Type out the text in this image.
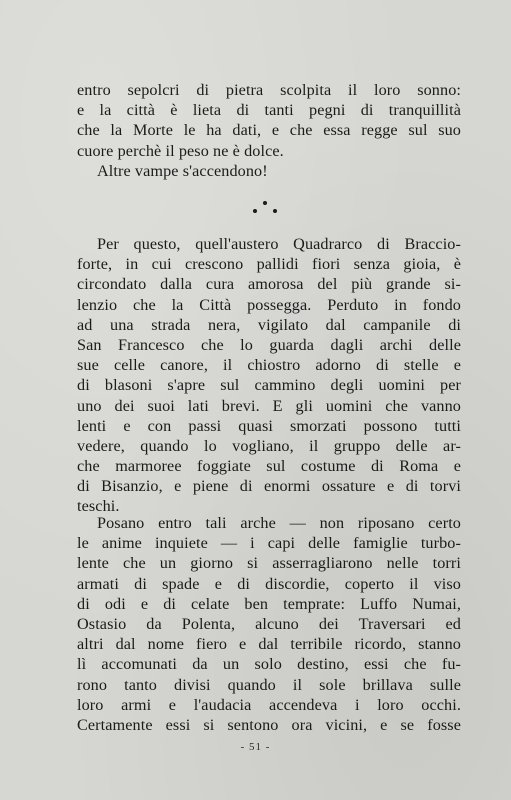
entro sepolcri di pietra scolpita il loro sonno:
e la città è lieta di tanti pegni di tranquillità
che la Morte le ha dati, e che essa regge sul suo
cuore perchè il peso ne è dolce.
Altre vampe s'accendono!
Per questo, quell'austero Quadrarco di Braccio-
forte, in cui crescono pallidi fiori senza gioia, è
circondato dalla cura amorosa del più grande si-
lenzio che la Città possegga. Perduto in fondo
ad una strada nera, vigilato dal campanile di
San Francesco che lo guarda dagli archi delle
sue celle canore, il chiostro adorno di stelle e
di blasoni s'apre sul cammino degli uomini per
uno dei suoi lati brevi. E gli uomini che vanno
lenti e con passi quasi smorzati possono tutti
vedere, quando lo vogliano, il gruppo delle ar-
che marmoree foggiate sul costume di Roma e
di Bisanzio, e piene di enormi ossature e di torvi
teschi.
Posano entro tali arche — non riposano certo
le anime inquiete — i capi delle famiglie turbo-
lente che un giorno si asserragliarono nelle torri
armati di spade e di discordie, coperto il viso
di odi e di celate ben temprate: Luffo Numai,
Ostasio da Polenta, alcuno dei Traversari ed
altri dal nome fiero e dal terribile ricordo, stanno
lì accomunati da un solo destino, essi che fu-
rono tanto divisi quando il sole brillava sulle
loro armi e l'audacia accendeva i loro occhi.
Certamente essi si sentono ora vicini, e se fosse
- 51 -
